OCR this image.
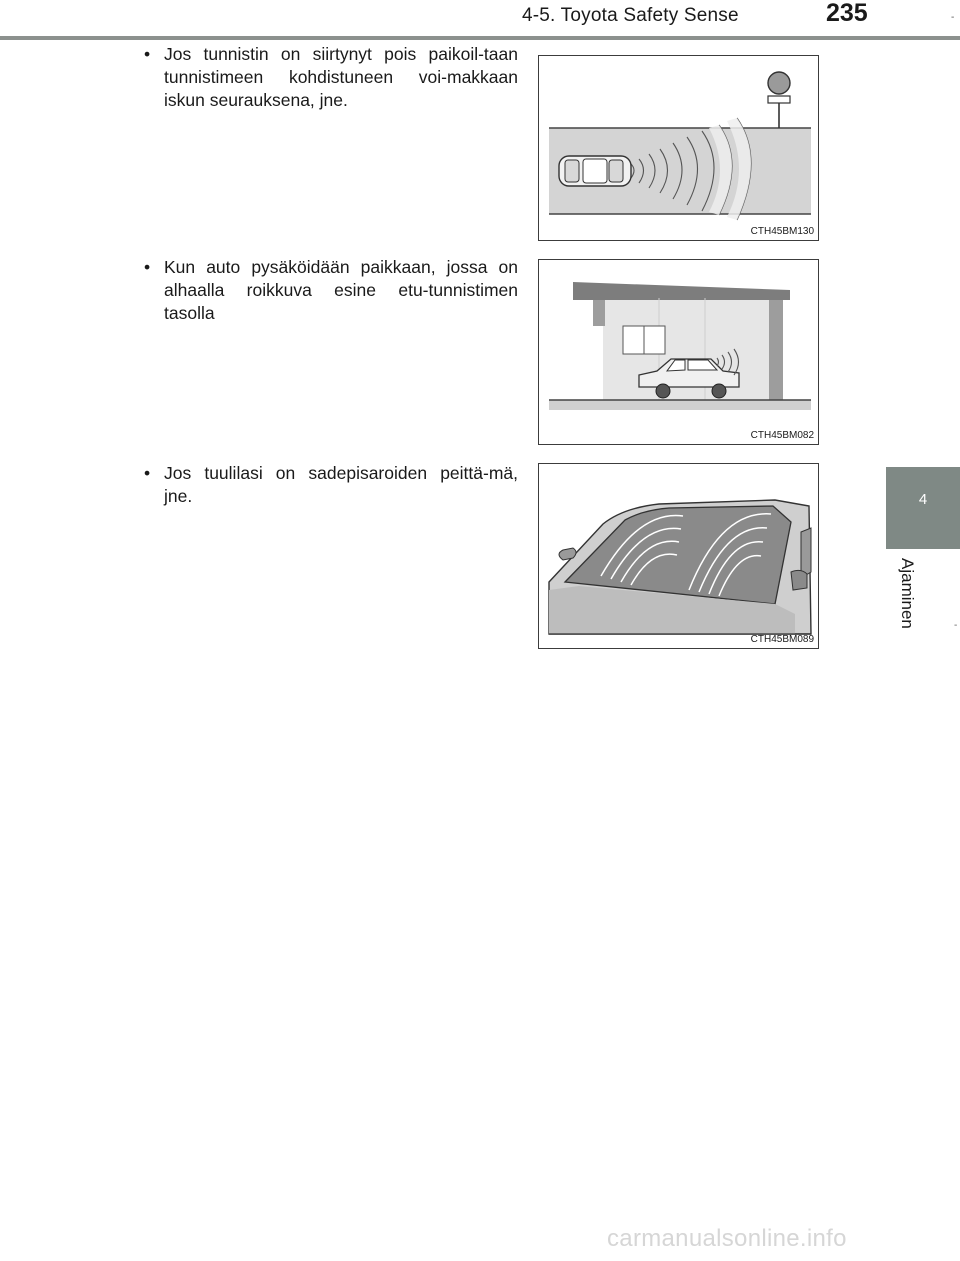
4-5. Toyota Safety Sense	235	-
4
Ajaminen	-
• Jos tunnistin on siirtynyt pois paikoil-taan tunnistimeen kohdistuneen voi-makkaan iskun seurauksena, jne.
CTH45BM130
• Kun auto pysäköidään paikkaan, jossa on alhaalla roikkuva esine etu-tunnistimen tasolla
CTH45BM082
• Jos tuulilasi on sadepisaroiden peittä-mä, jne.
CTH45BM089
carmanualsonline.info
